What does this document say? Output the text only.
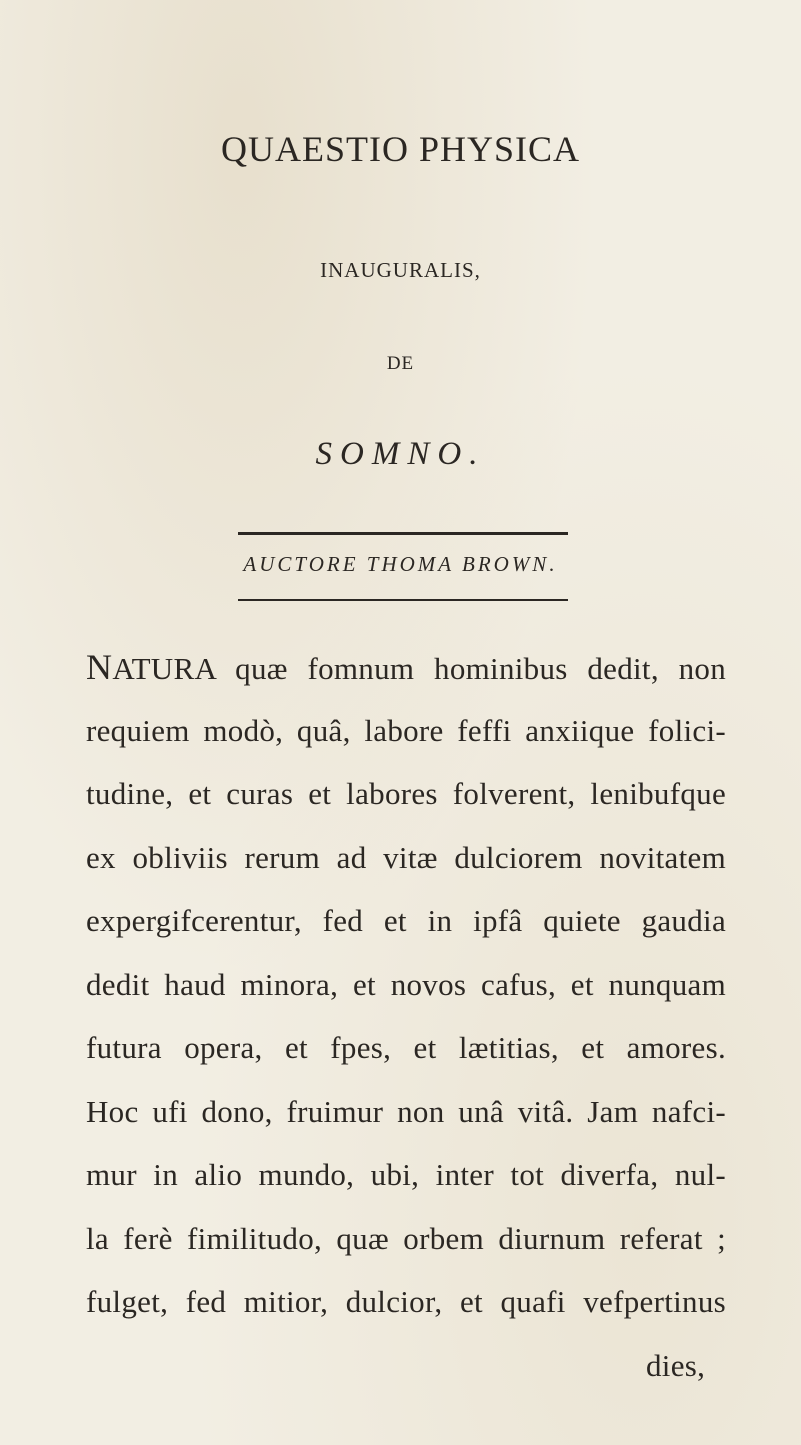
QUAESTIO PHYSICA
INAUGURALIS,
DE
SOMNO.
AUCTORE THOMA BROWN.
NATURA quæ fomnum hominibus dedit, non
requiem modò, quâ, labore feffi anxiique folici-
tudine, et curas et labores folverent, lenibufque
ex obliviis rerum ad vitæ dulciorem novitatem
expergifcerentur, fed et in ipfâ quiete gaudia
dedit haud minora, et novos cafus, et nunquam
futura opera, et fpes, et lætitias, et amores.
Hoc ufi dono, fruimur non unâ vitâ. Jam nafci-
mur in alio mundo, ubi, inter tot diverfa, nul-
la ferè fimilitudo, quæ orbem diurnum referat ;
fulget, fed mitior, dulcior, et quafi vefpertinus
dies,
